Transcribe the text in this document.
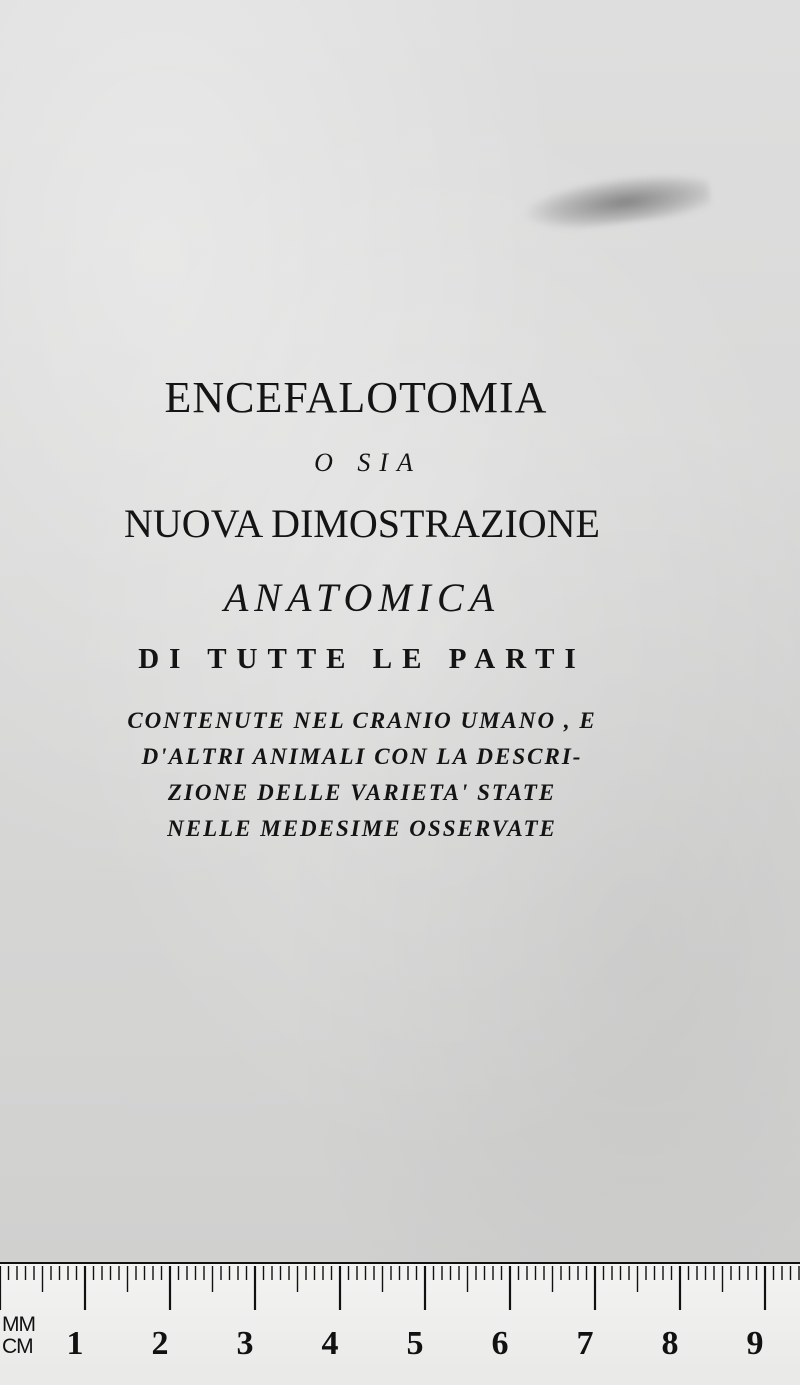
ENCEFALOTOMIA
O SIA
NUOVA DIMOSTRAZIONE
ANATOMICA
DI TUTTE LE PARTI
CONTENUTE NEL CRANIO UMANO , E
D'ALTRI ANIMALI CON LA DESCRI-
ZIONE DELLE VARIETA' STATE
NELLE MEDESIME OSSERVATE
1 2 3 4 5 6 7 8 9
MM
CM
